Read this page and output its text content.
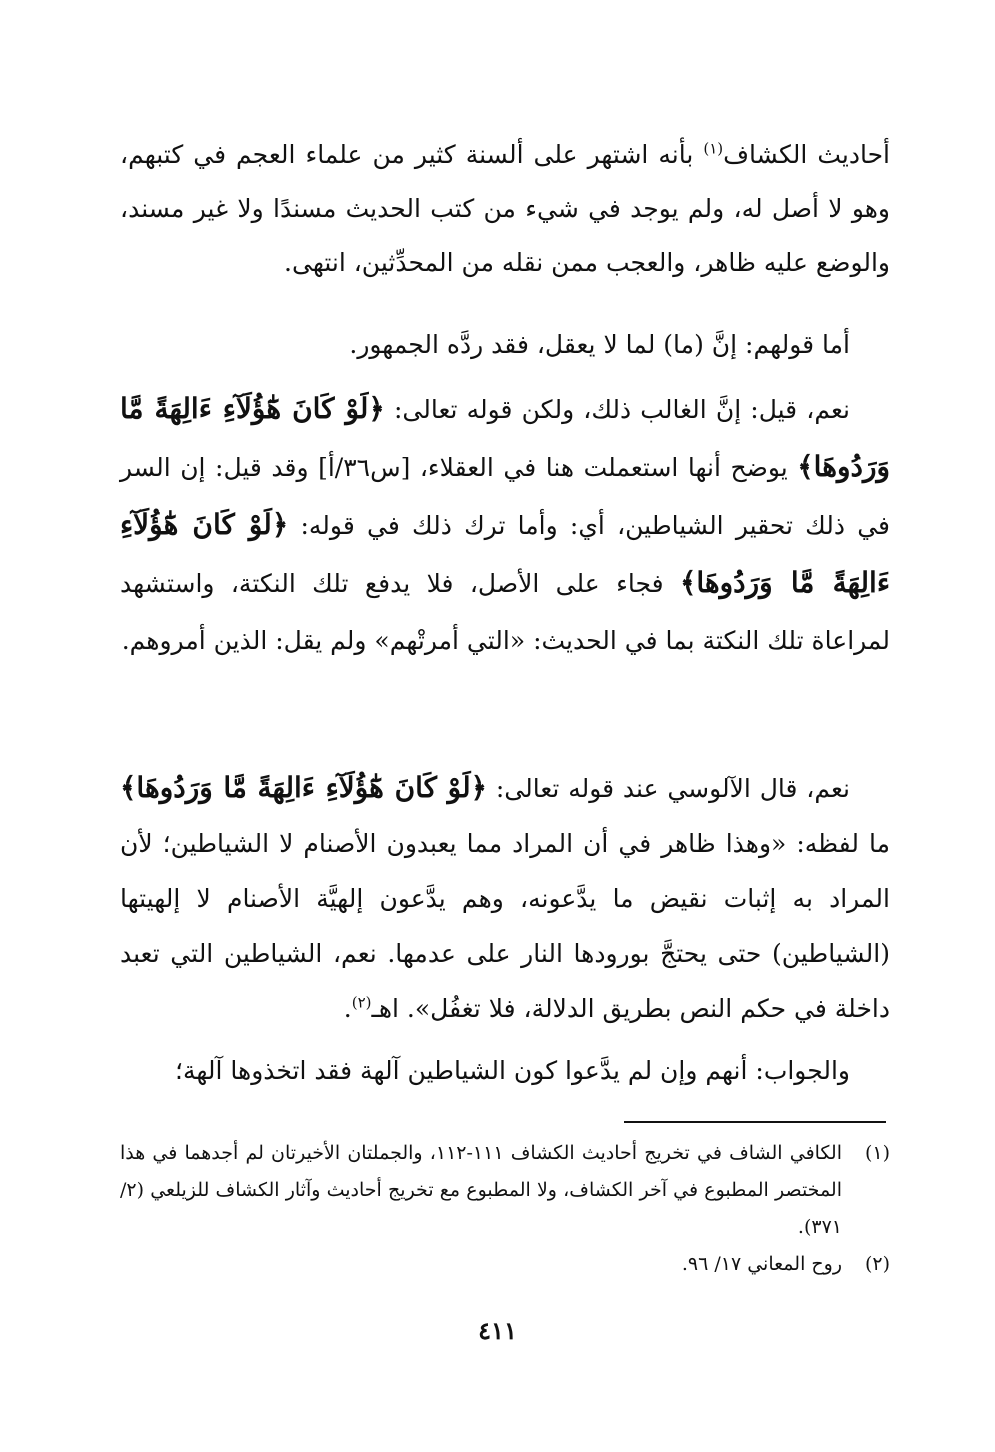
أحاديث الكشاف$^{(١)}$ بأنه اشتهر على ألسنة كثير من علماء العجم في كتبهم، وهو لا أصل له، ولم يوجد في شيء من كتب الحديث مسندًا ولا غير مسند، والوضع عليه ظاهر، والعجب ممن نقله من المحدِّثين، انتهى.

أما قولهم: إنَّ (ما) لما لا يعقل، فقد ردَّه الجمهور.

نعم، قيل: إنَّ الغالب ذلك، ولكن قوله تعالى: ﴿لَوْ كَانَ هَٰٓؤُلَآءِ ءَالِهَةً مَّا وَرَدُوهَا﴾ يوضح أنها استعملت هنا في العقلاء، [س٣٦/أ] وقد قيل: إن السر في ذلك تحقير الشياطين، أي: وأما ترك ذلك في قوله: ﴿لَوْ كَانَ هَٰٓؤُلَآءِ ءَالِهَةً مَّا وَرَدُوهَا﴾ فجاء على الأصل، فلا يدفع تلك النكتة، واستشهد لمراعاة تلك النكتة بما في الحديث: «التي أمرتْهم» ولم يقل: الذين أمروهم.

نعم، قال الآلوسي عند قوله تعالى: ﴿لَوْ كَانَ هَٰٓؤُلَآءِ ءَالِهَةً مَّا وَرَدُوهَا﴾ ما لفظه: «وهذا ظاهر في أن المراد مما يعبدون الأصنام لا الشياطين؛ لأن المراد به إثبات نقيض ما يدَّعونه، وهم يدَّعون إلهيَّة الأصنام لا إلهيتها (الشياطين) حتى يحتجَّ بورودها النار على عدمها. نعم، الشياطين التي تعبد داخلة في حكم النص بطريق الدلالة، فلا تغفُل». اهـ$^{(٢)}$.

والجواب: أنهم وإن لم يدَّعوا كون الشياطين آلهة فقد اتخذوها آلهة؛

(١)
الكافي الشاف في تخريج أحاديث الكشاف ١١١-١١٢، والجملتان الأخيرتان لم أجدهما في هذا المختصر المطبوع في آخر الكشاف، ولا المطبوع مع تخريج أحاديث وآثار الكشاف للزيلعي (٢/ ٣٧١).
(٢)
روح المعاني ١٧/ ٩٦.
٤١١
